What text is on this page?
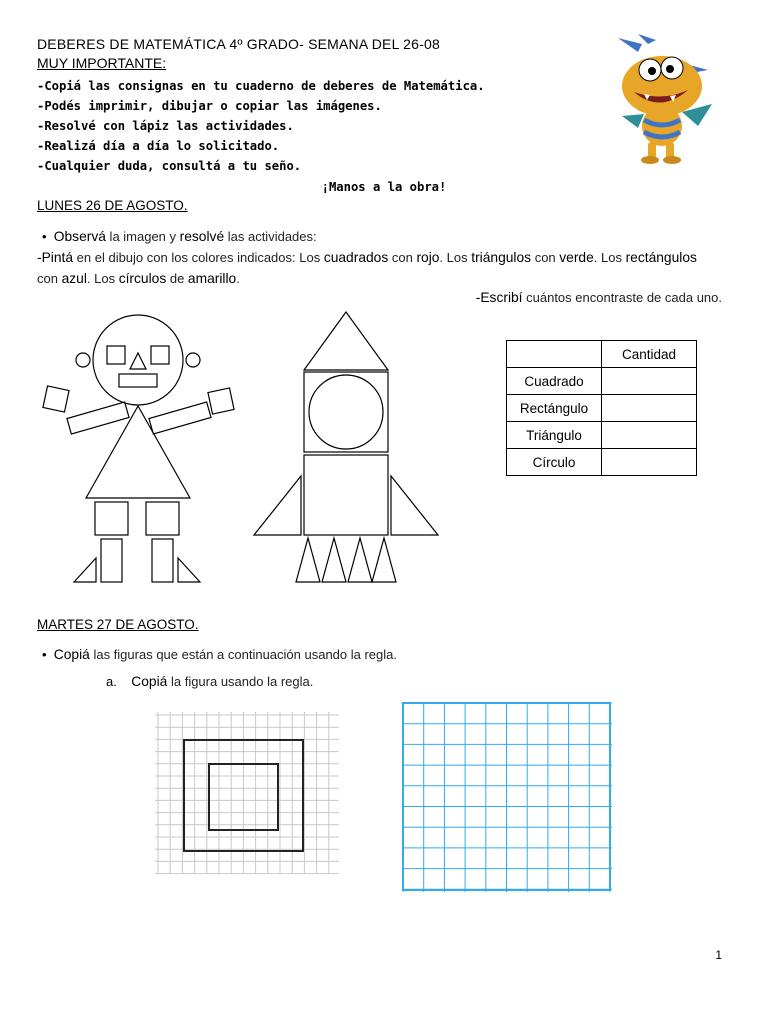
DEBERES DE MATEMÁTICA 4º GRADO- SEMANA DEL 26-08
MUY IMPORTANTE:
-Copiá las consignas en tu cuaderno de deberes de Matemática.
-Podés imprimir, dibujar o copiar las imágenes.
-Resolvé con lápiz las actividades.
-Realizá día a día lo solicitado.
-Cualquier duda, consultá a tu seño.
¡Manos a la obra!
LUNES 26 DE AGOSTO.
•  Observá la imagen y resolvé las actividades:
-Pintá en el dibujo con los colores indicados: Los cuadrados con rojo. Los triángulos con verde. Los rectángulos
con azul. Los círculos de amarillo.
-Escribí cuántos encontraste de cada uno.
	Cantidad
Cuadrado	
Rectángulo	
Triángulo	
Círculo	
MARTES 27 DE AGOSTO.
•  Copiá las figuras que están a continuación usando la regla.
a. Copiá la figura usando la regla.
1
